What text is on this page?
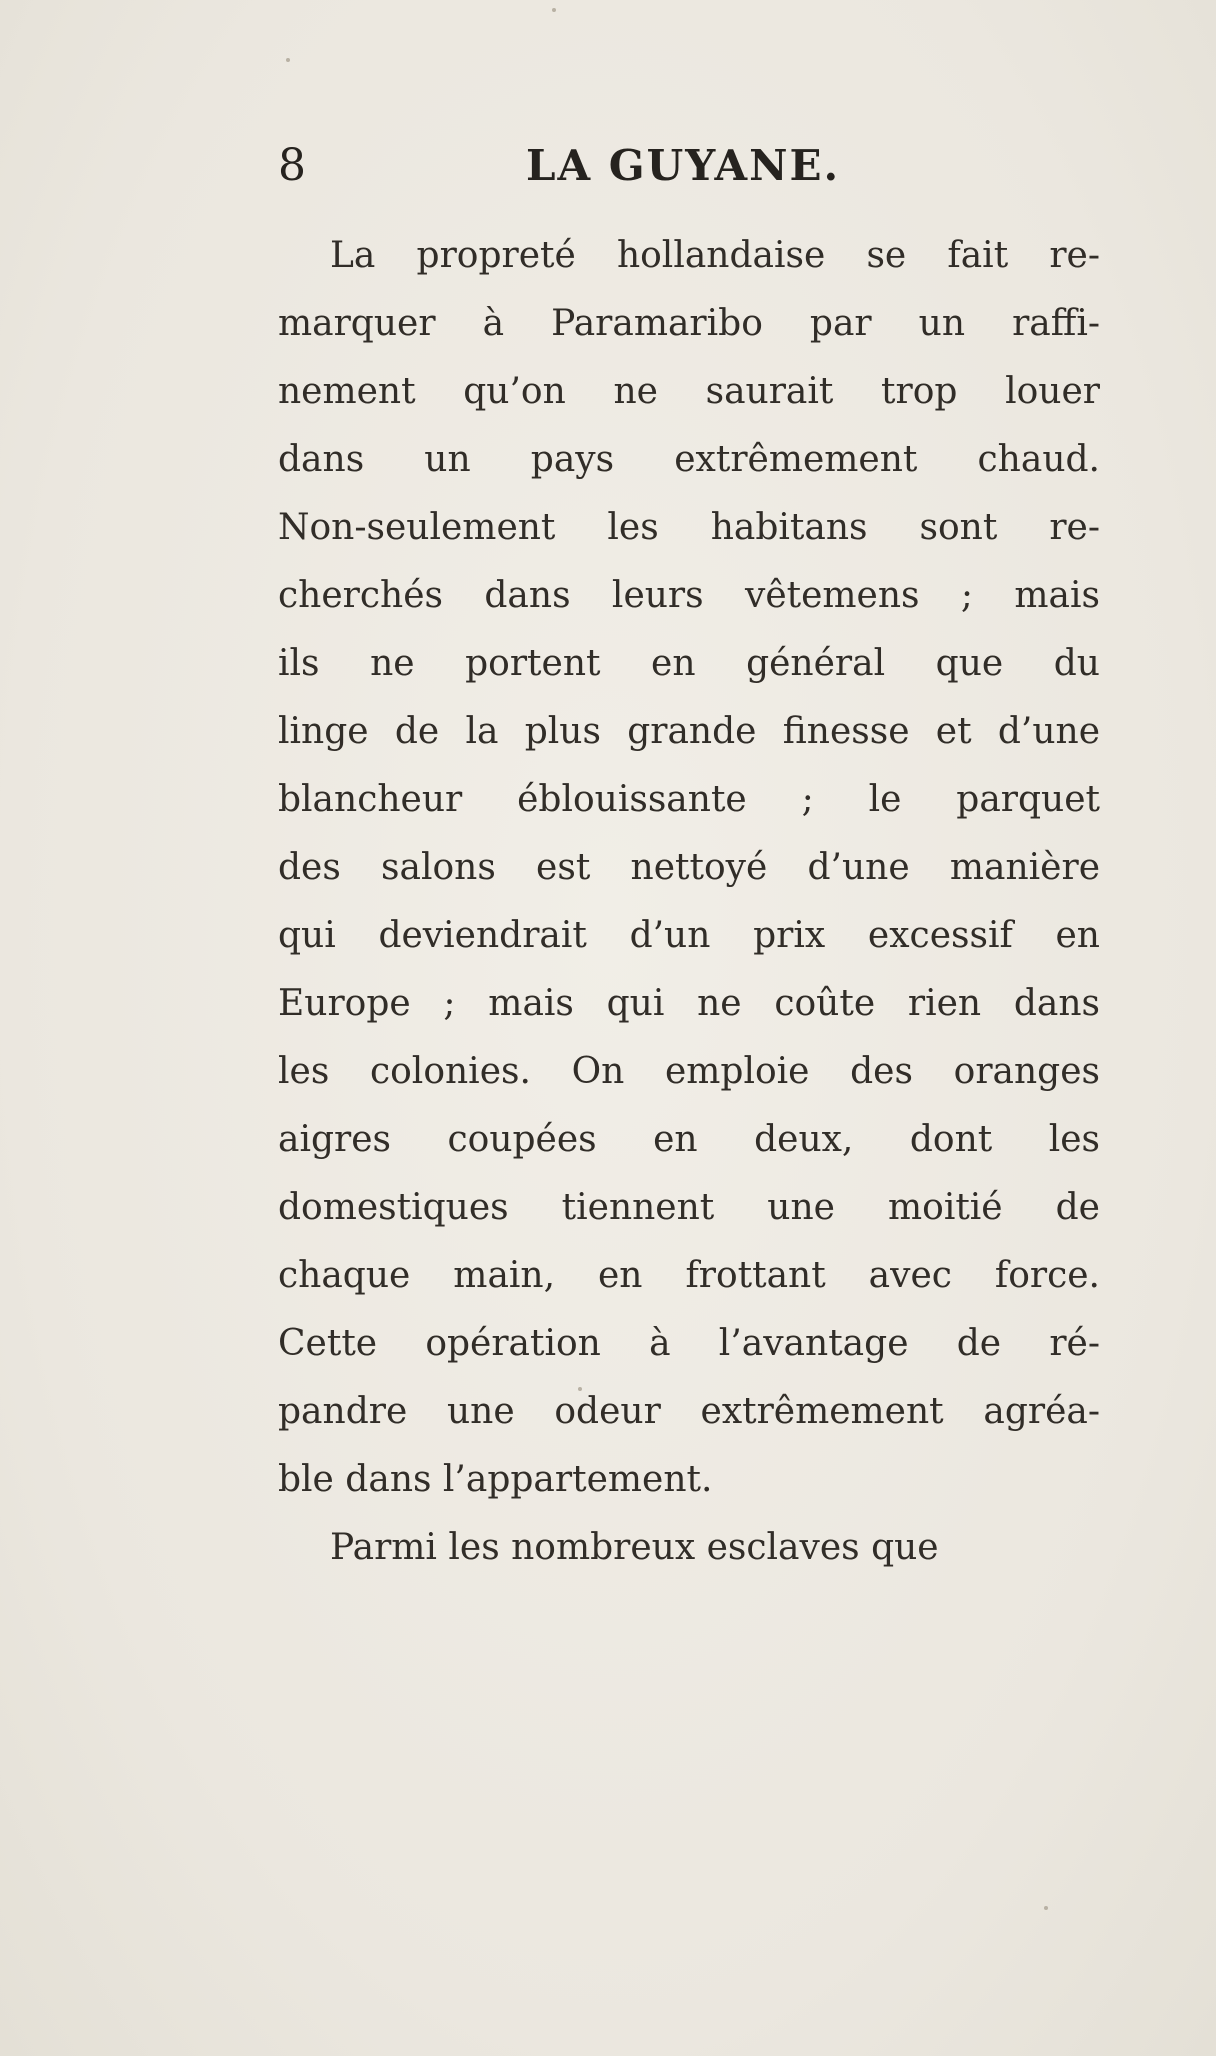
8	LA GUYANE.
La propreté hollandaise se fait re-
marquer à Paramaribo par un raffi-
nement qu’on ne saurait trop louer
dans un pays extrêmement chaud.
Non-seulement les habitans sont re-
cherchés dans leurs vêtemens ; mais
ils ne portent en général que du
linge de la plus grande finesse et d’une
blancheur éblouissante ; le parquet
des salons est nettoyé d’une manière
qui deviendrait d’un prix excessif en
Europe ; mais qui ne coûte rien dans
les colonies. On emploie des oranges
aigres coupées en deux, dont les
domestiques tiennent une moitié de
chaque main, en frottant avec force.
Cette opération à l’avantage de ré-
pandre une odeur extrêmement agréa-
ble dans l’appartement.
Parmi les nombreux esclaves que
